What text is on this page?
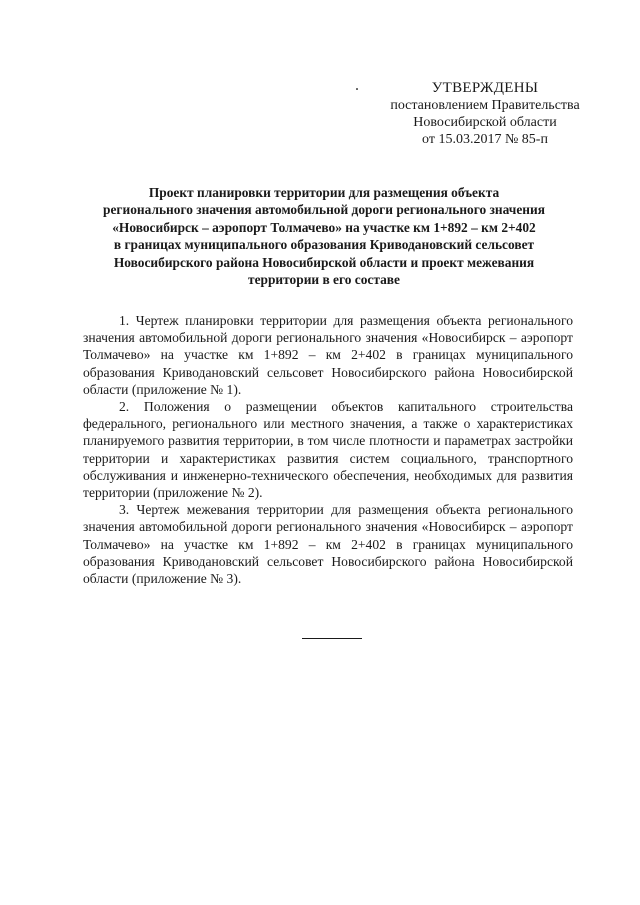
УТВЕРЖДЕНЫ
постановлением Правительства
Новосибирской области
от 15.03.2017 № 85-п
Проект планировки территории для размещения объекта
регионального значения автомобильной дороги регионального значения
«Новосибирск – аэропорт Толмачево» на участке км 1+892 – км 2+402
в границах муниципального образования Криводановский сельсовет
Новосибирского района Новосибирской области и проект межевания
территории в его составе

1. Чертеж планировки территории для размещения объекта регионального значения автомобильной дороги регионального значения «Новосибирск – аэропорт Толмачево» на участке км 1+892 – км 2+402 в границах муниципального образования Криводановский сельсовет Новосибирского района Новосибирской области (приложение № 1).

2. Положения о размещении объектов капитального строительства федерального, регионального или местного значения, а также о характеристиках планируемого развития территории, в том числе плотности и параметрах застройки территории и характеристиках развития систем социального, транспортного обслуживания и инженерно-технического обеспечения, необходимых для развития территории (приложение № 2).

3. Чертеж межевания территории для размещения объекта регионального значения автомобильной дороги регионального значения «Новосибирск – аэропорт Толмачево» на участке км 1+892 – км 2+402 в границах муниципального образования Криводановский сельсовет Новосибирского района Новосибирской области (приложение № 3).
